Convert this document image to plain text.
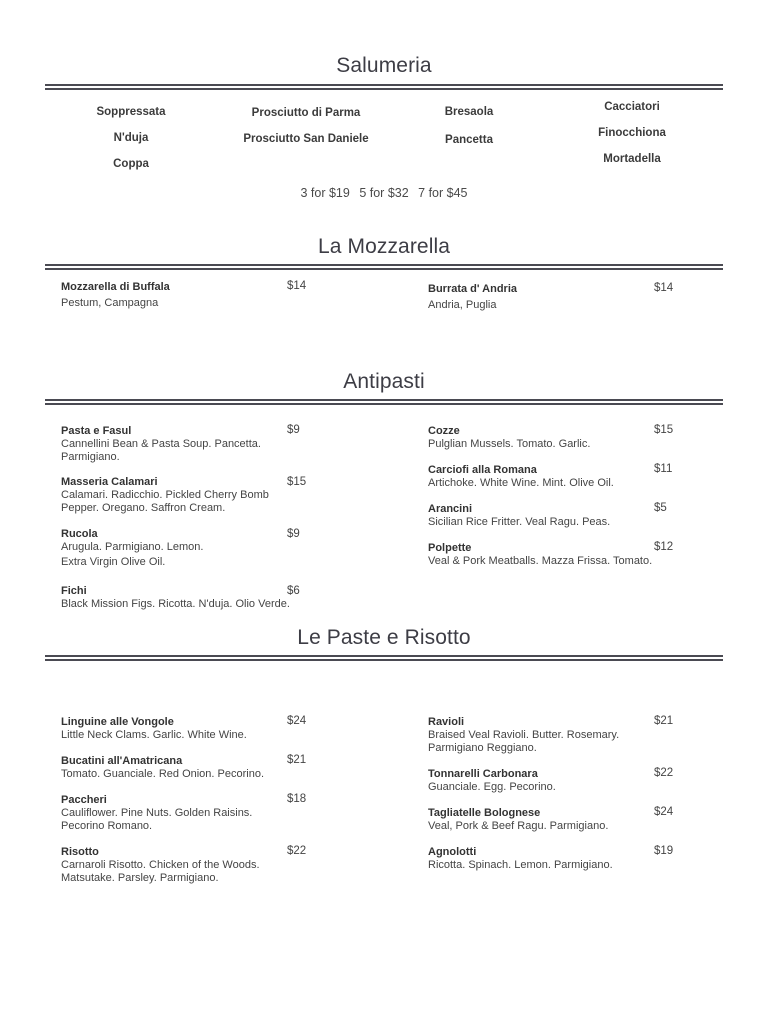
Salumeria
Soppressata
N'duja
Coppa
Prosciutto di Parma
Prosciutto San Daniele
Bresaola
Pancetta
Cacciatori
Finocchiona
Mortadella
3 for $19 5 for $32 7 for $45
La Mozzarella
Mozzarella di Buffala
Pestum, Campagna
$14	Burrata d' Andria
Andria, Puglia
$14
Antipasti
Pasta e Fasul
Cannellini Bean & Pasta Soup. Pancetta. Parmigiano.
$9
Masseria Calamari
Calamari. Radicchio. Pickled Cherry Bomb Pepper. Oregano. Saffron Cream.
$15
Rucola
Arugula. Parmigiano. Lemon.
Extra Virgin Olive Oil.
$9
Fichi
Black Mission Figs. Ricotta. N'duja. Olio Verde.
$6
Cozze
Pulglian Mussels. Tomato. Garlic.
$15
Carciofi alla Romana
Artichoke. White Wine. Mint. Olive Oil.
$11
Arancini
Sicilian Rice Fritter. Veal Ragu. Peas.
$5
Polpette
Veal & Pork Meatballs. Mazza Frissa. Tomato.
$12
Le Paste e Risotto
Linguine alle Vongole
Little Neck Clams. Garlic. White Wine.
$24
Bucatini all'Amatricana
Tomato. Guanciale. Red Onion. Pecorino.
$21
Paccheri
Cauliflower. Pine Nuts. Golden Raisins. Pecorino Romano.
$18
Risotto
Carnaroli Risotto. Chicken of the Woods. Matsutake. Parsley. Parmigiano.
$22
Ravioli
Braised Veal Ravioli. Butter. Rosemary. Parmigiano Reggiano.
$21
Tonnarelli Carbonara
Guanciale. Egg. Pecorino.
$22
Tagliatelle Bolognese
Veal, Pork & Beef Ragu. Parmigiano.
$24
Agnolotti
Ricotta. Spinach. Lemon. Parmigiano.
$19
